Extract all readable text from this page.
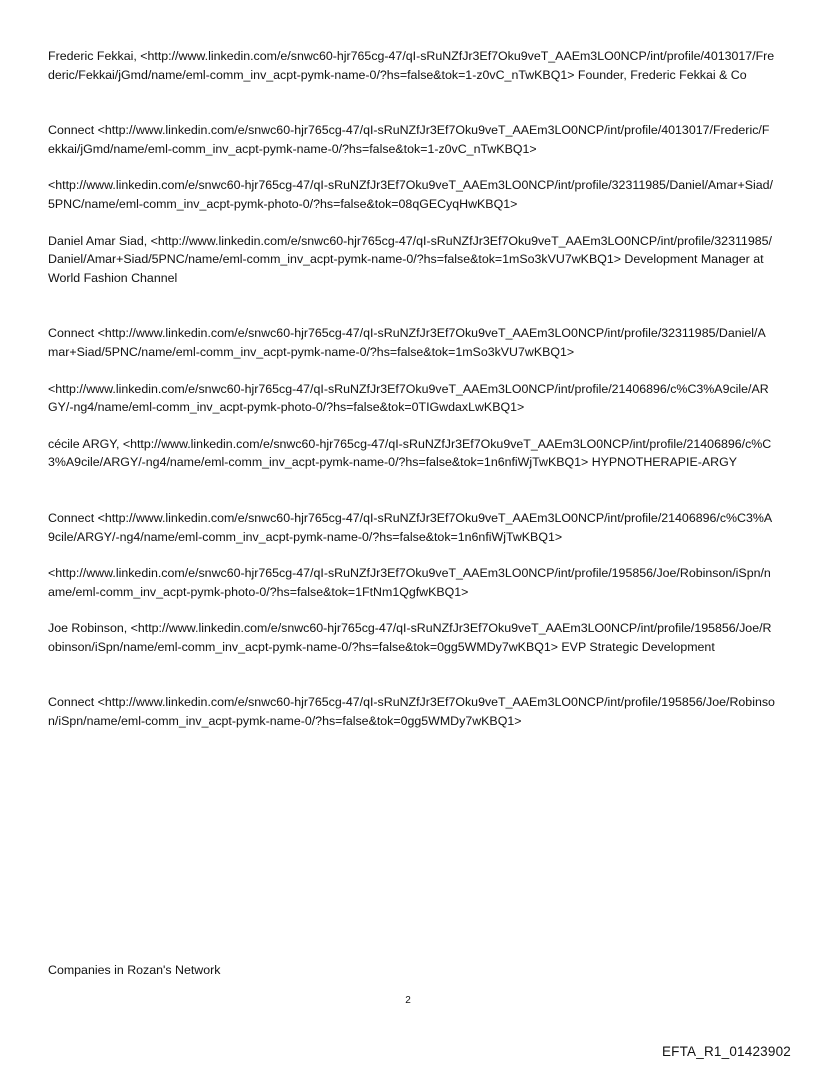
Frederic Fekkai, <http://www.linkedin.com/e/snwc60-hjr765cg-47/qI-sRuNZfJr3Ef7Oku9veT_AAEm3LO0NCP/int/profile/4013017/Frederic/Fekkai/jGmd/name/eml-comm_inv_acpt-pymk-name-0/?hs=false&tok=1-z0vC_nTwKBQ1> Founder, Frederic Fekkai & Co

Connect <http://www.linkedin.com/e/snwc60-hjr765cg-47/qI-sRuNZfJr3Ef7Oku9veT_AAEm3LO0NCP/int/profile/4013017/Frederic/Fekkai/jGmd/name/eml-comm_inv_acpt-pymk-name-0/?hs=false&tok=1-z0vC_nTwKBQ1>

<http://www.linkedin.com/e/snwc60-hjr765cg-47/qI-sRuNZfJr3Ef7Oku9veT_AAEm3LO0NCP/int/profile/32311985/Daniel/Amar+Siad/5PNC/name/eml-comm_inv_acpt-pymk-photo-0/?hs=false&tok=08qGECyqHwKBQ1>

Daniel Amar Siad, <http://www.linkedin.com/e/snwc60-hjr765cg-47/qI-sRuNZfJr3Ef7Oku9veT_AAEm3LO0NCP/int/profile/32311985/Daniel/Amar+Siad/5PNC/name/eml-comm_inv_acpt-pymk-name-0/?hs=false&tok=1mSo3kVU7wKBQ1> Development Manager at World Fashion Channel

Connect <http://www.linkedin.com/e/snwc60-hjr765cg-47/qI-sRuNZfJr3Ef7Oku9veT_AAEm3LO0NCP/int/profile/32311985/Daniel/Amar+Siad/5PNC/name/eml-comm_inv_acpt-pymk-name-0/?hs=false&tok=1mSo3kVU7wKBQ1>

<http://www.linkedin.com/e/snwc60-hjr765cg-47/qI-sRuNZfJr3Ef7Oku9veT_AAEm3LO0NCP/int/profile/21406896/c%C3%A9cile/ARGY/-ng4/name/eml-comm_inv_acpt-pymk-photo-0/?hs=false&tok=0TIGwdaxLwKBQ1>

cécile ARGY, <http://www.linkedin.com/e/snwc60-hjr765cg-47/qI-sRuNZfJr3Ef7Oku9veT_AAEm3LO0NCP/int/profile/21406896/c%C3%A9cile/ARGY/-ng4/name/eml-comm_inv_acpt-pymk-name-0/?hs=false&tok=1n6nfiWjTwKBQ1> HYPNOTHERAPIE-ARGY

Connect <http://www.linkedin.com/e/snwc60-hjr765cg-47/qI-sRuNZfJr3Ef7Oku9veT_AAEm3LO0NCP/int/profile/21406896/c%C3%A9cile/ARGY/-ng4/name/eml-comm_inv_acpt-pymk-name-0/?hs=false&tok=1n6nfiWjTwKBQ1>

<http://www.linkedin.com/e/snwc60-hjr765cg-47/qI-sRuNZfJr3Ef7Oku9veT_AAEm3LO0NCP/int/profile/195856/Joe/Robinson/iSpn/name/eml-comm_inv_acpt-pymk-photo-0/?hs=false&tok=1FtNm1QgfwKBQ1>

Joe Robinson, <http://www.linkedin.com/e/snwc60-hjr765cg-47/qI-sRuNZfJr3Ef7Oku9veT_AAEm3LO0NCP/int/profile/195856/Joe/Robinson/iSpn/name/eml-comm_inv_acpt-pymk-name-0/?hs=false&tok=0gg5WMDy7wKBQ1> EVP Strategic Development

Connect <http://www.linkedin.com/e/snwc60-hjr765cg-47/qI-sRuNZfJr3Ef7Oku9veT_AAEm3LO0NCP/int/profile/195856/Joe/Robinson/iSpn/name/eml-comm_inv_acpt-pymk-name-0/?hs=false&tok=0gg5WMDy7wKBQ1>

Companies in Rozan's Network

2
EFTA_R1_01423902
